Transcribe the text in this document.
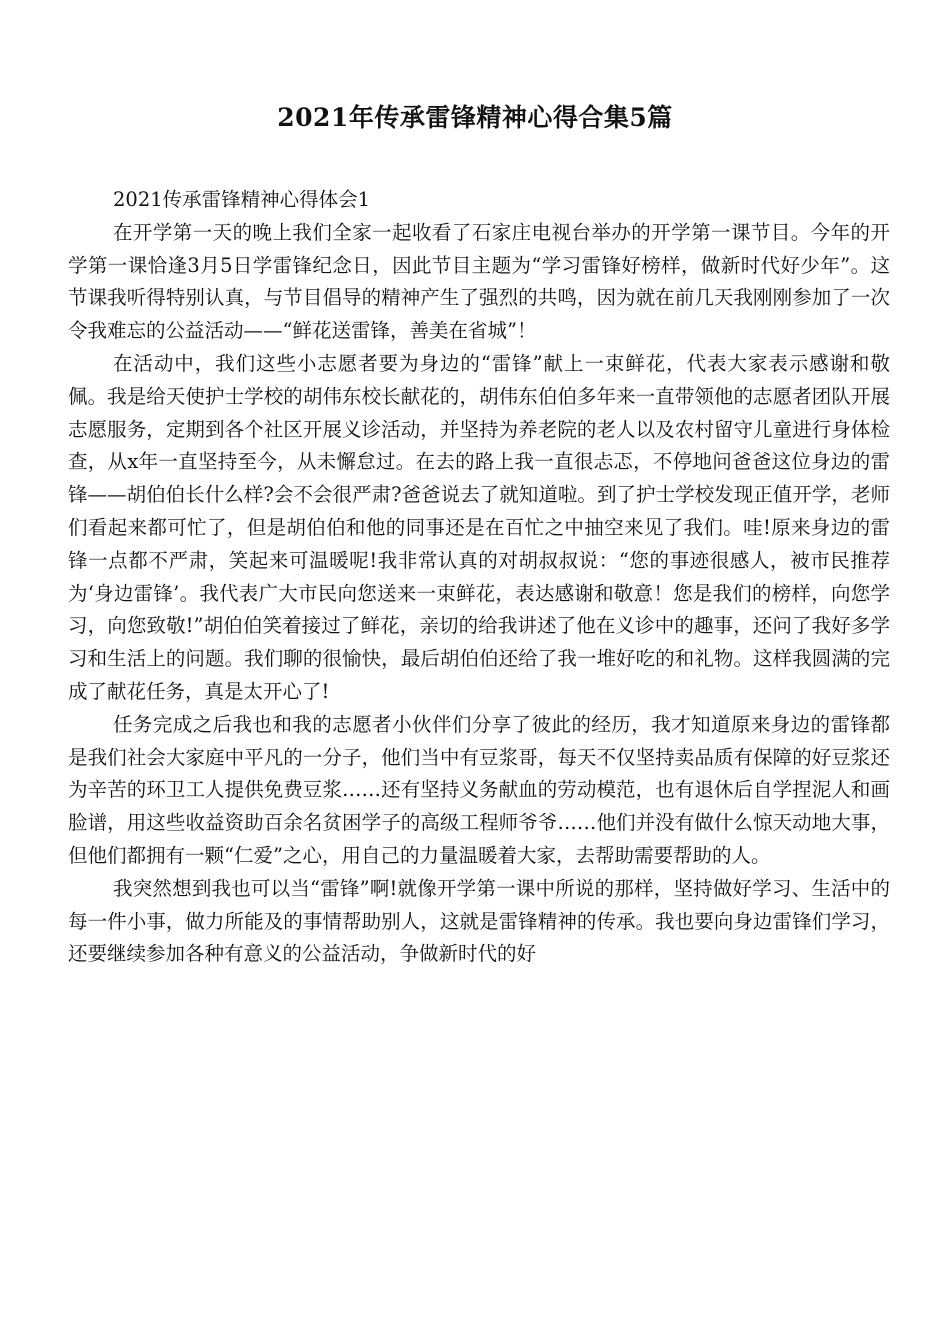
2021年传承雷锋精神心得合集5篇

2021传承雷锋精神心得体会1

在开学第一天的晚上我们全家一起收看了石家庄电视台举办的开学第一课节目。今年的开学第一课恰逢3月5日学雷锋纪念日，因此节目主题为“学习雷锋好榜样，做新时代好少年”。这节课我听得特别认真，与节目倡导的精神产生了强烈的共鸣，因为就在前几天我刚刚参加了一次令我难忘的公益活动——“鲜花送雷锋，善美在省城”！

在活动中，我们这些小志愿者要为身边的“雷锋”献上一束鲜花，代表大家表示感谢和敬佩。我是给天使护士学校的胡伟东校长献花的，胡伟东伯伯多年来一直带领他的志愿者团队开展志愿服务，定期到各个社区开展义诊活动，并坚持为养老院的老人以及农村留守儿童进行身体检查，从x年一直坚持至今，从未懈怠过。在去的路上我一直很忐忑，不停地问爸爸这位身边的雷锋——胡伯伯长什么样?会不会很严肃?爸爸说去了就知道啦。到了护士学校发现正值开学，老师们看起来都可忙了，但是胡伯伯和他的同事还是在百忙之中抽空来见了我们。哇!原来身边的雷锋一点都不严肃，笑起来可温暖呢!我非常认真的对胡叔叔说：“您的事迹很感人，被市民推荐为‘身边雷锋’。我代表广大市民向您送来一束鲜花，表达感谢和敬意！您是我们的榜样，向您学习，向您致敬!”胡伯伯笑着接过了鲜花，亲切的给我讲述了他在义诊中的趣事，还问了我好多学习和生活上的问题。我们聊的很愉快，最后胡伯伯还给了我一堆好吃的和礼物。这样我圆满的完成了献花任务，真是太开心了!

任务完成之后我也和我的志愿者小伙伴们分享了彼此的经历，我才知道原来身边的雷锋都是我们社会大家庭中平凡的一分子，他们当中有豆浆哥，每天不仅坚持卖品质有保障的好豆浆还为辛苦的环卫工人提供免费豆浆……还有坚持义务献血的劳动模范，也有退休后自学捏泥人和画脸谱，用这些收益资助百余名贫困学子的高级工程师爷爷……他们并没有做什么惊天动地大事，但他们都拥有一颗“仁爱”之心，用自己的力量温暖着大家，去帮助需要帮助的人。

我突然想到我也可以当“雷锋”啊!就像开学第一课中所说的那样，坚持做好学习、生活中的每一件小事，做力所能及的事情帮助别人，这就是雷锋精神的传承。我也要向身边雷锋们学习，还要继续参加各种有意义的公益活动，争做新时代的好
